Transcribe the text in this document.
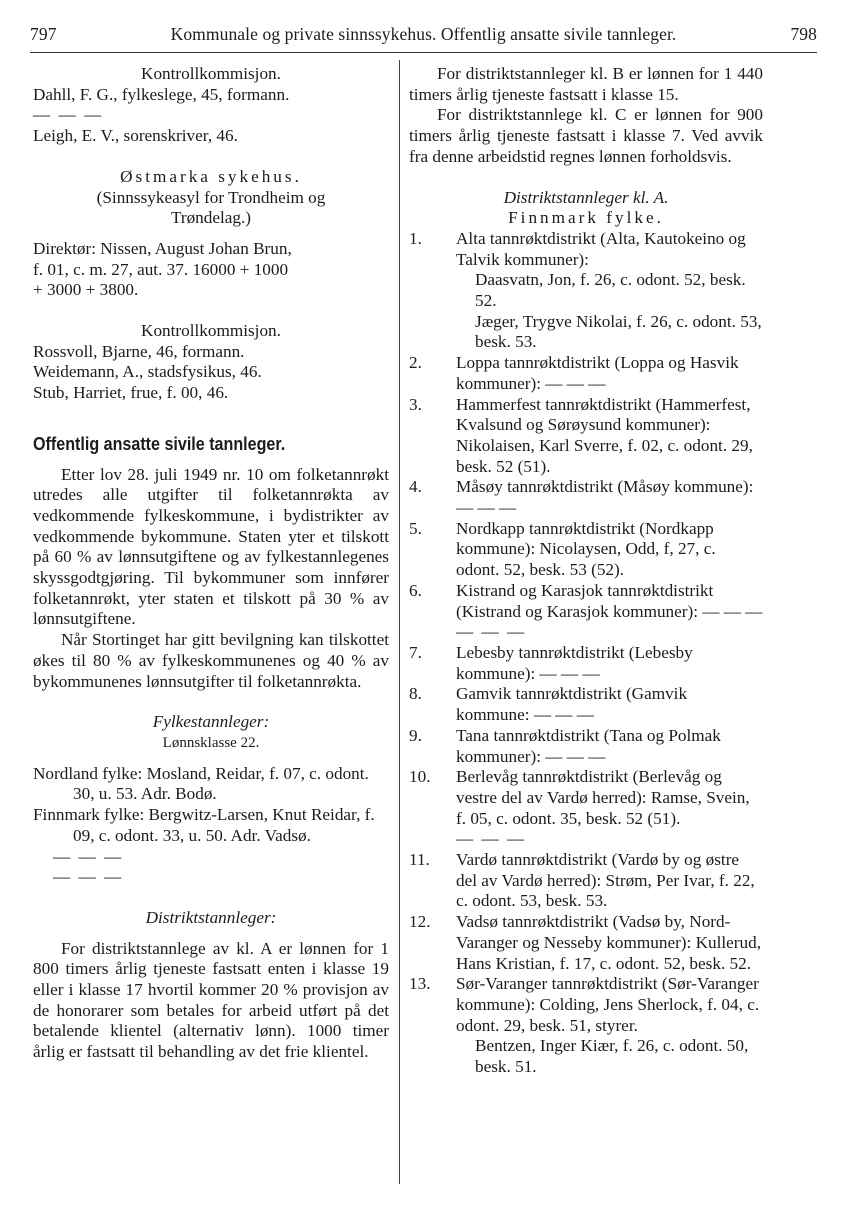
797	Kommunale og private sinnssykehus. Offentlig ansatte sivile tannleger.	798

Kontrollkommisjon.

Dahll, F. G., fylkeslege, 45, formann.

— — —

Leigh, E. V., sorenskriver, 46.

Østmarka sykehus.

(Sinnssykeasyl for Trondheim og

Trøndelag.)

Direktør: Nissen, August Johan Brun,

f. 01, c. m. 27, aut. 37. 16000 + 1000

+ 3000 + 3800.

Kontrollkommisjon.

Rossvoll, Bjarne, 46, formann.

Weidemann, A., stadsfysikus, 46.

Stub, Harriet, frue, f. 00, 46.

Offentlig ansatte sivile tannleger.

Etter lov 28. juli 1949 nr. 10 om folketannrøkt utredes alle utgifter til folketannrøkta av vedkommende fylkeskommune, i bydistrikter av vedkommende bykommune. Staten yter et tilskott på 60 % av lønnsutgiftene og av fylkestannlegenes skyssgodtgjøring. Til bykommuner som innfører folketannrøkt, yter staten et tilskott på 30 % av lønnsutgiftene.

Når Stortinget har gitt bevilgning kan tilskottet økes til 80 % av fylkeskommunenes og 40 % av bykommunenes lønnsutgifter til folketannrøkta.

Fylkestannleger:

Lønnsklasse 22.

Nordland fylke: Mosland, Reidar, f. 07, c. odont. 30, u. 53. Adr. Bodø.

Finnmark fylke: Bergwitz-Larsen, Knut Reidar, f. 09, c. odont. 33, u. 50. Adr. Vadsø.

— — —

— — —

Distriktstannleger:

For distriktstannlege av kl. A er lønnen for 1 800 timers årlig tjeneste fastsatt enten i klasse 19 eller i klasse 17 hvortil kommer 20 % provisjon av de honorarer som betales for arbeid utført på det betalende klientel (alternativ lønn). 1000 timer årlig er fastsatt til behandling av det frie klientel.

For distriktstannleger kl. B er lønnen for 1 440 timers årlig tjeneste fastsatt i klasse 15.

For distriktstannlege kl. C er lønnen for 900 timers årlig tjeneste fastsatt i klasse 7. Ved avvik fra denne arbeidstid regnes lønnen forholdsvis.

Distriktstannleger kl. A.

Finnmark fylke.

1.	Alta tannrøktdistrikt (Alta, Kautokeino og Talvik kommuner):
Daasvatn, Jon, f. 26, c. odont. 52, besk. 52.
Jæger, Trygve Nikolai, f. 26, c. odont. 53, besk. 53.
2.	Loppa tannrøktdistrikt (Loppa og Hasvik kommuner): — — —
3.	Hammerfest tannrøktdistrikt (Hammerfest, Kvalsund og Sørøysund kommuner): Nikolaisen, Karl Sverre, f. 02, c. odont. 29, besk. 52 (51).
4.	Måsøy tannrøktdistrikt (Måsøy kommune): — — —
5.	Nordkapp tannrøktdistrikt (Nordkapp kommune): Nicolaysen, Odd, f, 27, c. odont. 52, besk. 53 (52).
6.	Kistrand og Karasjok tannrøktdistrikt (Kistrand og Karasjok kommuner): — — —
— — —
7.	Lebesby tannrøktdistrikt (Lebesby kommune): — — —
8.	Gamvik tannrøktdistrikt (Gamvik kommune: — — —
9.	Tana tannrøktdistrikt (Tana og Polmak kommuner): — — —
10.	Berlevåg tannrøktdistrikt (Berlevåg og vestre del av Vardø herred): Ramse, Svein, f. 05, c. odont. 35, besk. 52 (51).
— — —
11.	Vardø tannrøktdistrikt (Vardø by og østre del av Vardø herred): Strøm, Per Ivar, f. 22, c. odont. 53, besk. 53.
12.	Vadsø tannrøktdistrikt (Vadsø by, Nord-Varanger og Nesseby kommuner): Kullerud, Hans Kristian, f. 17, c. odont. 52, besk. 52.
13.	Sør-Varanger tannrøktdistrikt (Sør-Varanger kommune): Colding, Jens Sherlock, f. 04, c. odont. 29, besk. 51, styrer.
Bentzen, Inger Kiær, f. 26, c. odont. 50, besk. 51.
